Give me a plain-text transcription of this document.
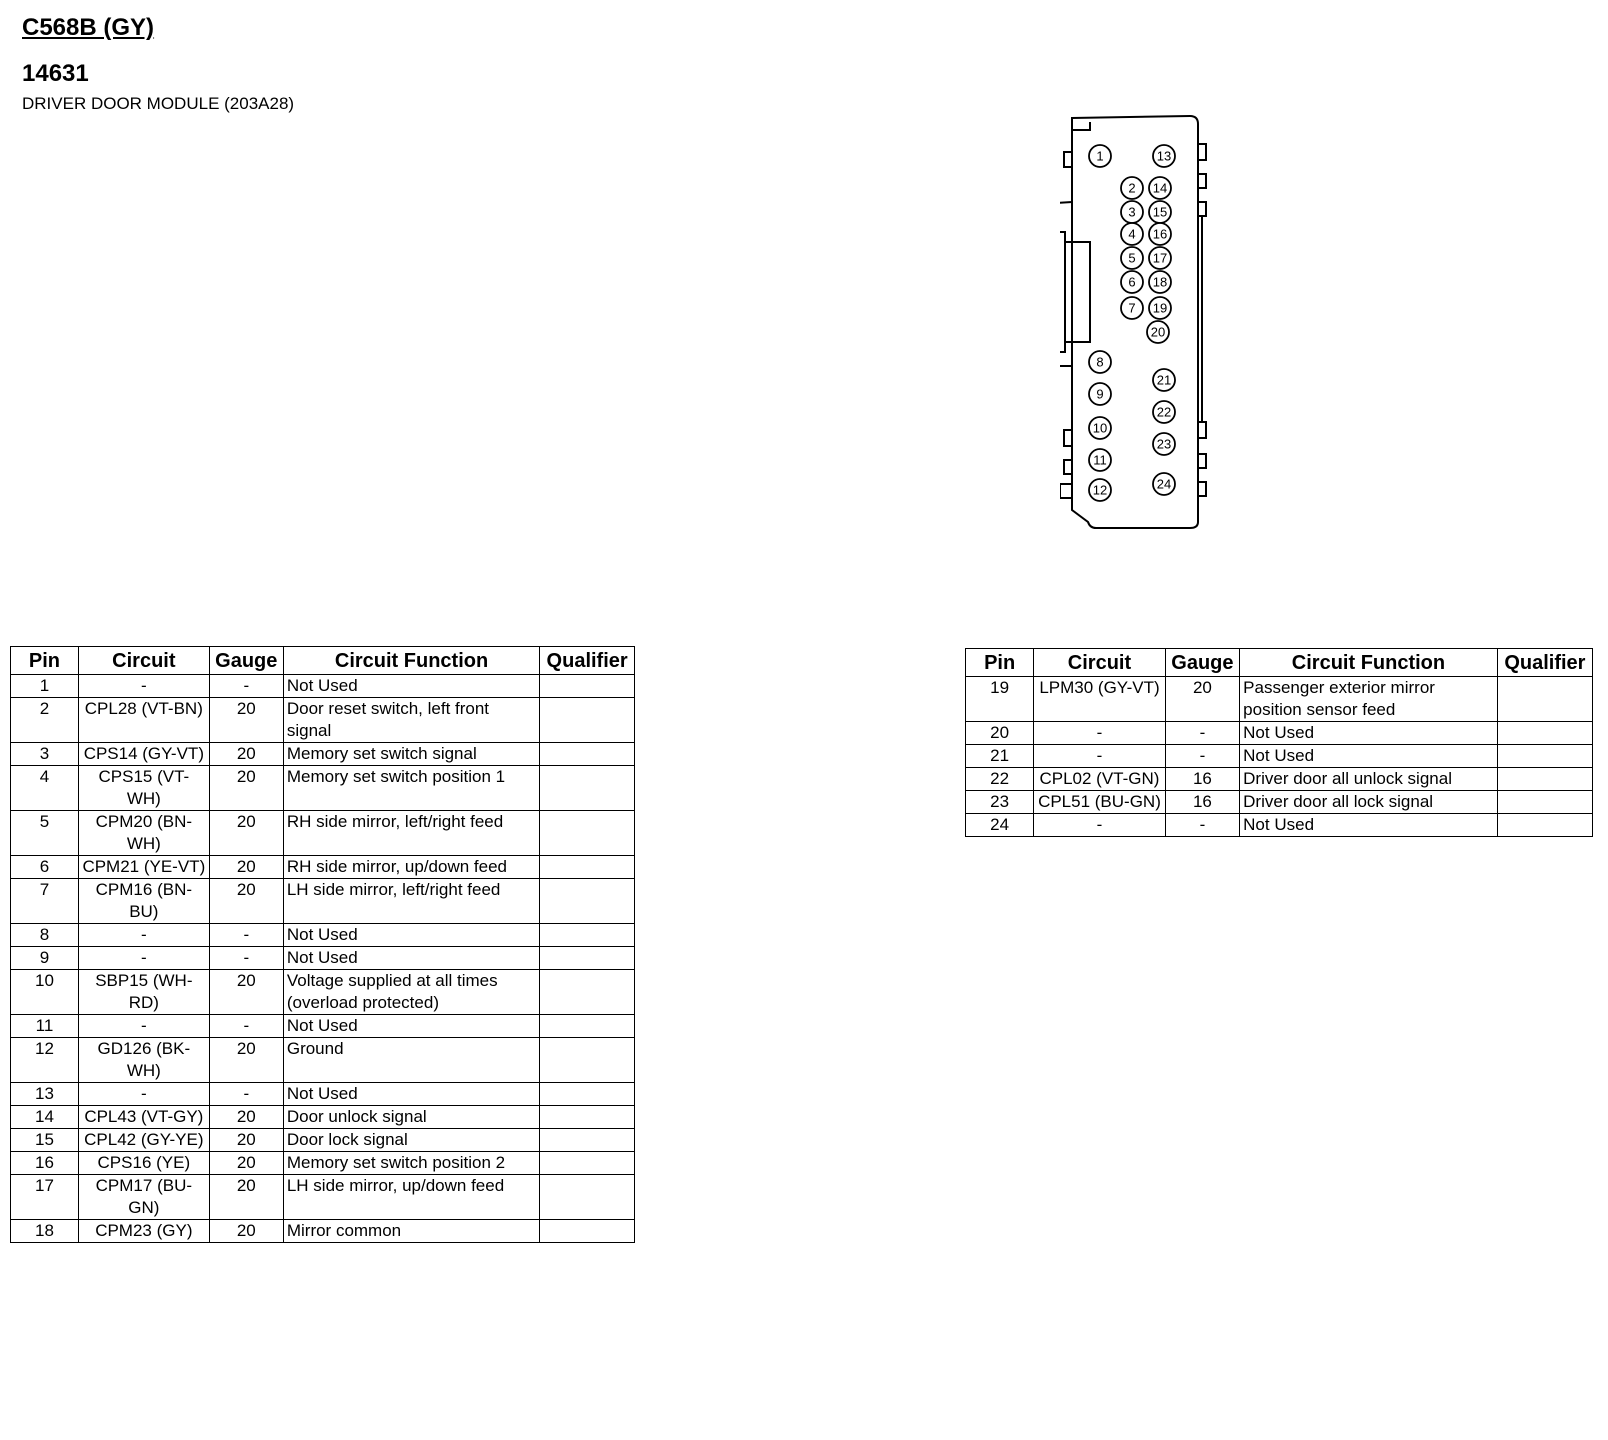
C568B (GY)
14631

DRIVER DOOR MODULE (203A28)

1
2
3
4
5
6
7
8
9
10
11
12
13
14
15
16
17
18
19
20
21
22
23
24
Pin	Circuit	Gauge	Circuit Function	Qualifier
1	-	-	Not Used	
2	CPL28 (VT-BN)	20	Door reset switch, left front signal	
3	CPS14 (GY-VT)	20	Memory set switch signal	
4	CPS15 (VT-WH)	20	Memory set switch position 1	
5	CPM20 (BN-WH)	20	RH side mirror, left/right feed	
6	CPM21 (YE-VT)	20	RH side mirror, up/down feed	
7	CPM16 (BN-BU)	20	LH side mirror, left/right feed	
8	-	-	Not Used	
9	-	-	Not Used	
10	SBP15 (WH-RD)	20	Voltage supplied at all times (overload protected)	
11	-	-	Not Used	
12	GD126 (BK-WH)	20	Ground	
13	-	-	Not Used	
14	CPL43 (VT-GY)	20	Door unlock signal	
15	CPL42 (GY-YE)	20	Door lock signal	
16	CPS16 (YE)	20	Memory set switch position 2	
17	CPM17 (BU-GN)	20	LH side mirror, up/down feed	
18	CPM23 (GY)	20	Mirror common	
Pin	Circuit	Gauge	Circuit Function	Qualifier
19	LPM30 (GY-VT)	20	Passenger exterior mirror position sensor feed	
20	-	-	Not Used	
21	-	-	Not Used	
22	CPL02 (VT-GN)	16	Driver door all unlock signal	
23	CPL51 (BU-GN)	16	Driver door all lock signal	
24	-	-	Not Used	
